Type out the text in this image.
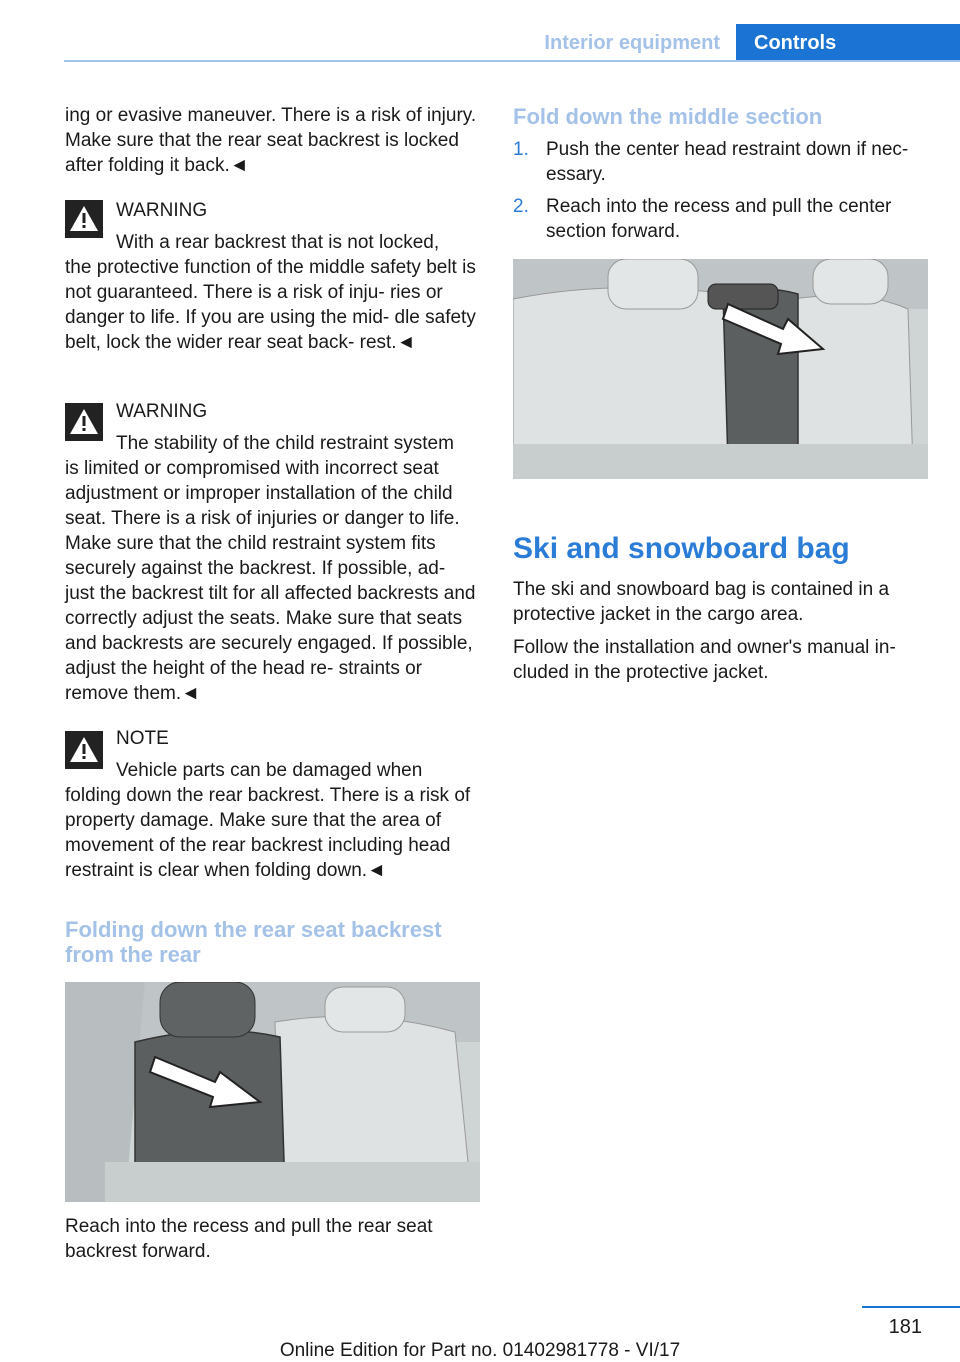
Interior equipment	Controls

ing or evasive maneuver. There is a risk of injury. Make sure that the rear seat backrest is locked after folding it back.◄

WARNING
With a rear backrest that is not locked,

the protective function of the middle safety belt is not guaranteed. There is a risk of inju‐ ries or danger to life. If you are using the mid‐ dle safety belt, lock the wider rear seat back‐ rest.◄

WARNING
The stability of the child restraint system

is limited or compromised with incorrect seat adjustment or improper installation of the child seat. There is a risk of injuries or danger to life. Make sure that the child restraint system fits securely against the backrest. If possible, ad‐ just the backrest tilt for all affected backrests and correctly adjust the seats. Make sure that seats and backrests are securely engaged. If possible, adjust the height of the head re‐ straints or remove them.◄

NOTE
Vehicle parts can be damaged when

folding down the rear backrest. There is a risk of property damage. Make sure that the area of movement of the rear backrest including head restraint is clear when folding down.◄

Folding down the rear seat backrest from the rear

Reach into the recess and pull the rear seat backrest forward.

Fold down the middle section
1. Push the center head restraint down if nec‐ essary.
2. Reach into the recess and pull the center section forward.
Ski and snowboard bag

The ski and snowboard bag is contained in a protective jacket in the cargo area.

Follow the installation and owner's manual in‐ cluded in the protective jacket.

181
Online Edition for Part no. 01402981778 - VI/17
